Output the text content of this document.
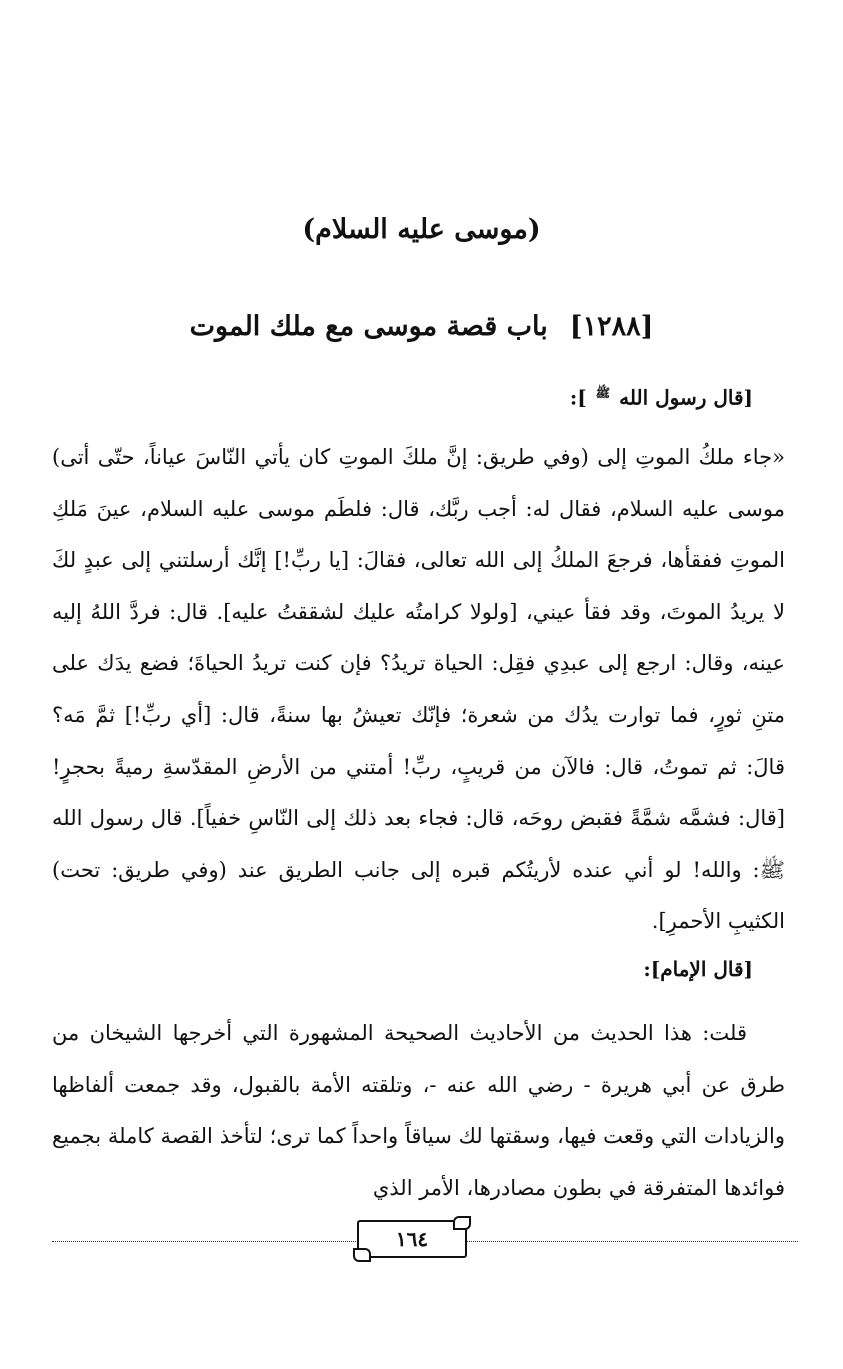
(موسى عليه السلام)
[١٢٨٨]باب قصة موسى مع ملك الموت
[قال رسول الله ﷺ ]:

«جاء ملكُ الموتِ إلى (وفي طريق: إنَّ ملكَ الموتِ كان يأتي النّاسَ عياناً، حتّى أتى) موسى عليه السلام، فقال له: أجب ربَّك، قال: فلطَم موسى عليه السلام، عينَ مَلكِ الموتِ ففقأها، فرجعَ الملكُ إلى الله تعالى، فقالَ: [يا ربِّ!] إنَّك أرسلتني إلى عبدٍ لكَ لا يريدُ الموتَ، وقد فقأ عيني، [ولولا كرامتُه عليك لشققتُ عليه]. قال: فردَّ اللهُ إليه عينه، وقال: ارجع إلى عبدِي فقِل: الحياة تريدُ؟ فإن كنت تريدُ الحياةَ؛ فضع يدَك على متنِ ثورٍ، فما توارت يدُك من شعرة؛ فإنّك تعيشُ بها سنةً، قال: [أي ربِّ!] ثمَّ مَه؟ قالَ: ثم تموتُ، قال: فالآن من قريبٍ، ربِّ! أمتني من الأرضِ المقدّسةِ رميةً بحجرٍ! [قال: فشمَّه شمَّةً فقبض روحَه، قال: فجاء بعد ذلك إلى النّاسِ خفياً]. قال رسول الله ﷺ: والله! لو أني عنده لأريتُكم قبره إلى جانب الطريق عند (وفي طريق: تحت) الكثيبِ الأحمرِ].

[قال الإمام]:

قلت: هذا الحديث من الأحاديث الصحيحة المشهورة التي أخرجها الشيخان من طرق عن أبي هريرة - رضي الله عنه -، وتلقته الأمة بالقبول، وقد جمعت ألفاظها والزيادات التي وقعت فيها، وسقتها لك سياقاً واحداً كما ترى؛ لتأخذ القصة كاملة بجميع فوائدها المتفرقة في بطون مصادرها، الأمر الذي

١٦٤
